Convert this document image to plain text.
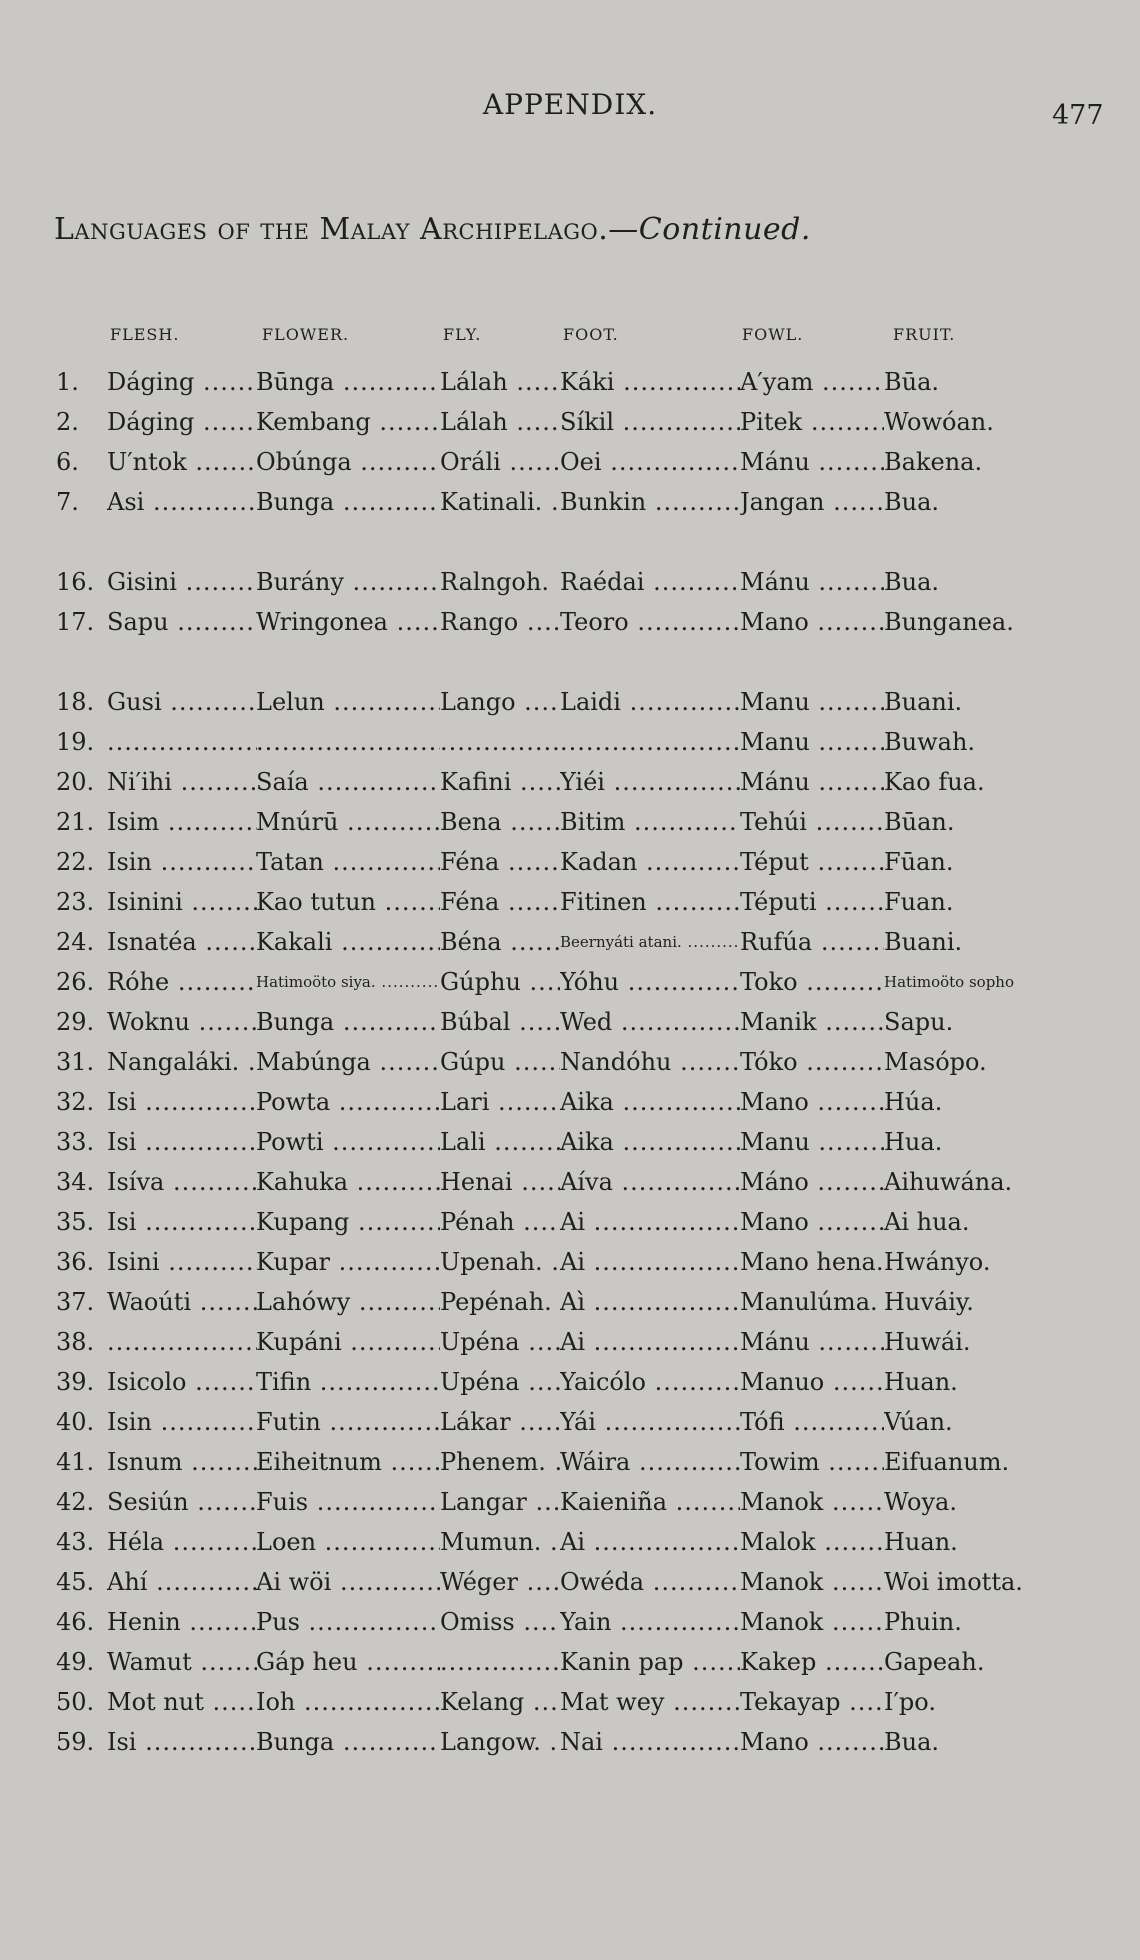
APPENDIX.	477
Languages of the Malay Archipelago.—Continued.
FLESH.	FLOWER.	FLY.	FOOT.	FOWL.	FRUIT.
1.	Dáging .....	Būnga .....	Lálah .....	Káki .....	A′yam .....	Būa.
2.	Dáging .....	Kembang .....	Lálah .....	Síkil .....	Pitek .....	Wowóan.
6.	U′ntok .....	Obúnga .....	Oráli .....	Oei .....	Mánu .....	Bakena.
7.	Asi .....	Bunga .....	Katinali. ..... Bunkin .....	Jangan .....	Bua.
16. Gisini .....	Burány .....	Ralngoh. ..... Raédai .....	Mánu .....	Bua.
17. Sapu .....	Wringonea .....	Rango .....	Teoro .....	Mano .....	Bunganea.
18. Gusi .....	Lelun .....	Lango .....	Laidi .....	Manu .....	Buani.
19. ..... ..... ..... .....	Manu .....	Buwah.
20. Ni′ihi .....	Saía .....	Kafini .....	Yiéi .....	Mánu .....	Kao fua.
21. Isim .....	Mnúrū .....	Bena .....	Bitim .....	Tehúi .....	Būan.
22. Isin .....	Tatan .....	Féna .....	Kadan .....	Téput .....	Fūan.
23. Isinini .....	Kao tutun .....	Féna .....	Fitinen .....	Téputi .....	Fuan.
24. Isnatéa .....	Kakali .....	Béna .....	Beernyáti atani. .....	Rufúa .....	Buani.
26. Róhe .....	Hatimoöto siya. .....	Gúphu .....	Yóhu .....	Toko .....	Hatimoöto sopho
29. Woknu .....	Bunga .....	Búbal .....	Wed .....	Manik .....	Sapu.
31. Nangaláki. ..... Mabúnga .....	Gúpu .....	Nandóhu .....	Tóko .....	Masópo.
32. Isi .....	Powta .....	Lari .....	Aika .....	Mano .....	Húa.
33. Isi .....	Powti .....	Lali .....	Aika .....	Manu .....	Hua.
34. Isíva .....	Kahuka .....	Henai .....	Aíva .....	Máno .....	Aihuwána.
35. Isi .....	Kupang .....	Pénah .....	Ai .....	Mano .....	Ai hua.
36. Isini .....	Kupar .....	Upenah. ..... Ai .....	Mano hena. ..... Hwányo.
37. Waoúti .....	Lahówy .....	Pepénah. ..... Aì .....	Manulúma. ..... Huváiy.
38. .....	Kupáni .....	Upéna .....	Ai .....	Mánu .....	Huwái.
39. Isicolo .....	Tifin .....	Upéna .....	Yaicólo .....	Manuo .....	Huan.
40. Isin .....	Futin .....	Lákar .....	Yái .....	Tófi .....	Vúan.
41. Isnum .....	Eiheitnum .....	Phenem. ..... Wáira .....	Towim .....	Eifuanum.
42. Sesiún .....	Fuis .....	Langar .....	Kaieniña .....	Manok .....	Woya.
43. Héla .....	Loen .....	Mumun. ..... Ai .....	Malok .....	Huan.
45. Ahí .....	Ai wöi .....	Wéger .....	Owéda .....	Manok .....	Woi imotta.
46. Henin .....	Pus .....	Omiss .....	Yain .....	Manok .....	Phuin.
49. Wamut .....	Gáp heu ..... .....	Kanin pap .....	Kakep .....	Gapeah.
50. Mot nut .....	Ioh .....	Kelang .....	Mat wey .....	Tekayap .....	I′po.
59. Isi .....	Bunga .....	Langow. ..... Nai .....	Mano .....	Bua.
